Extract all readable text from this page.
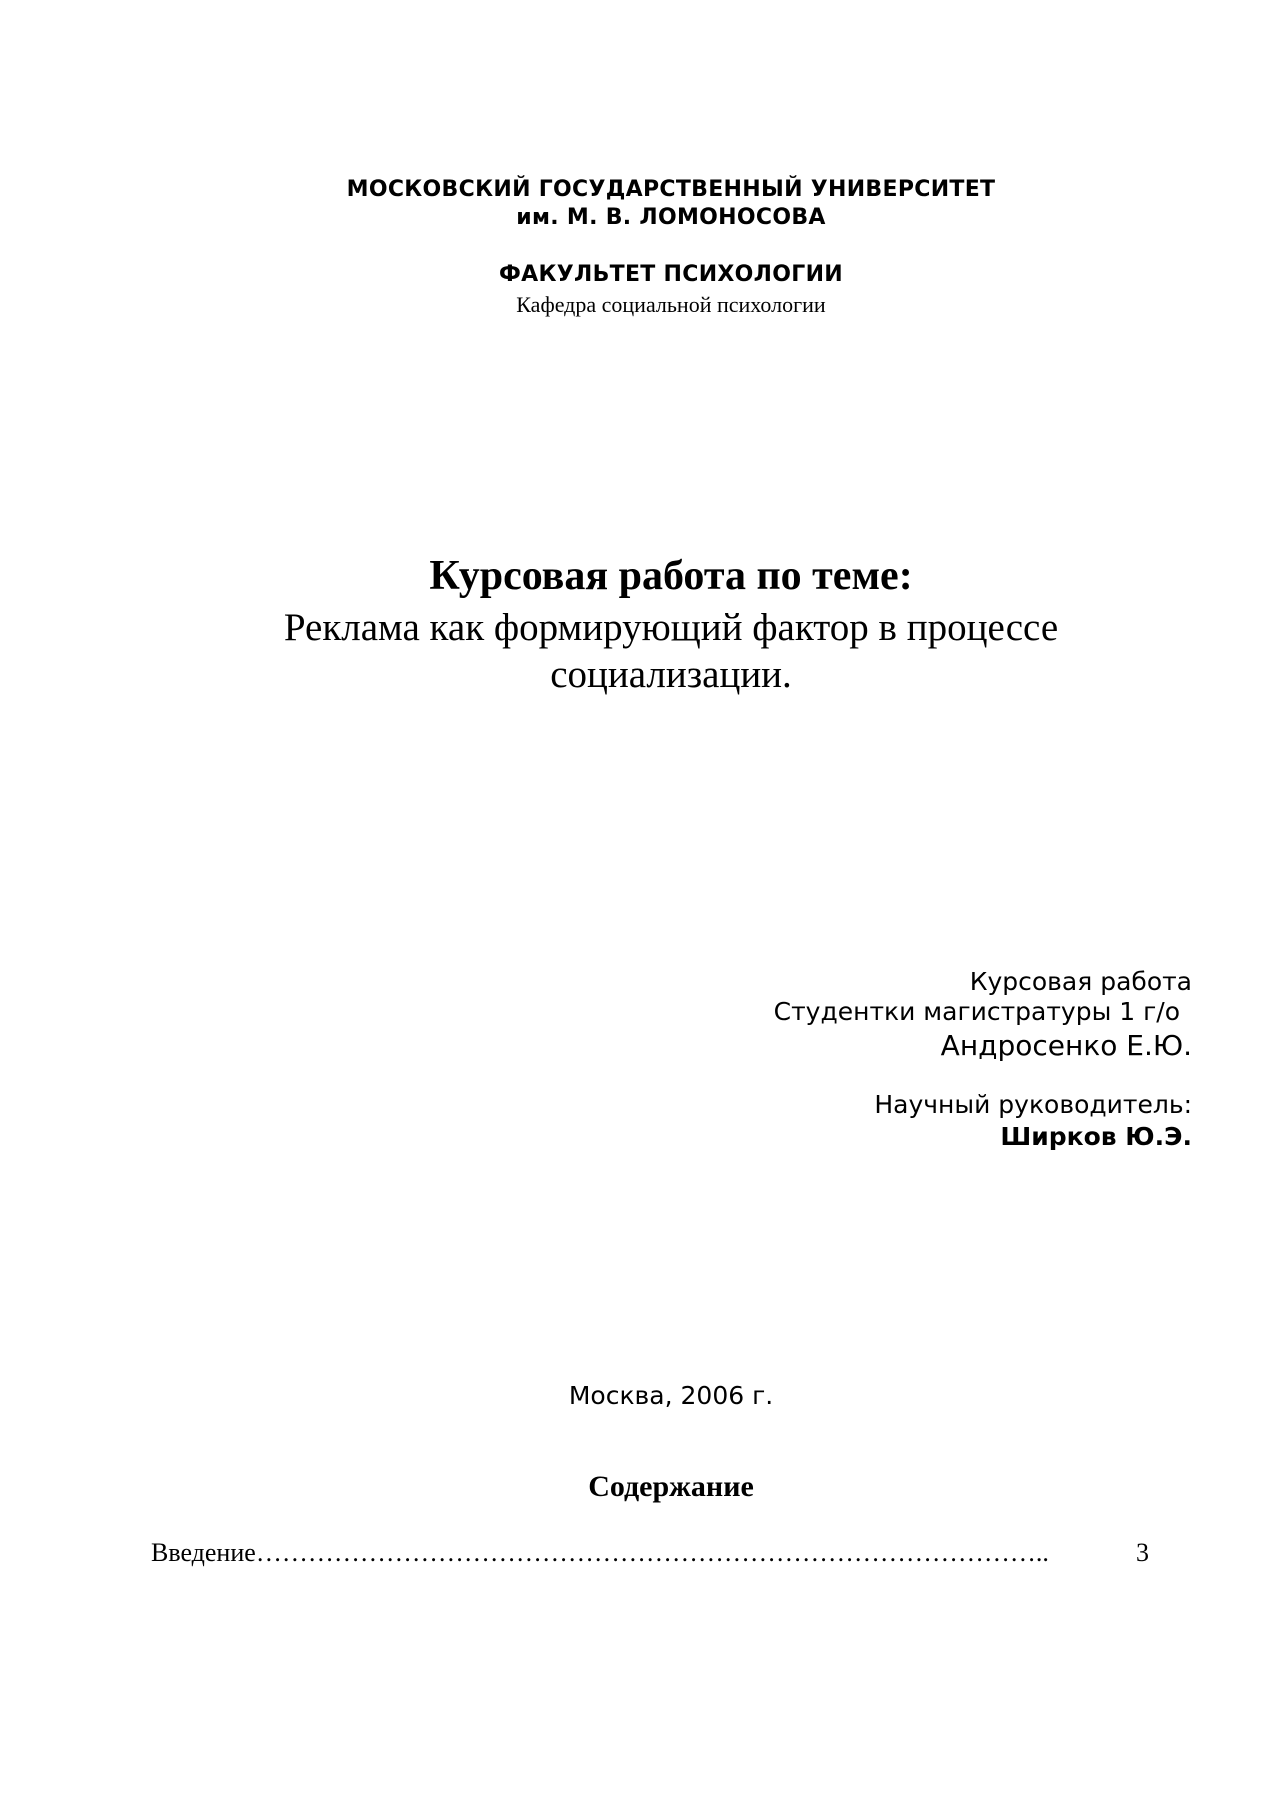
МОСКОВСКИЙ ГОСУДАРСТВЕННЫЙ УНИВЕРСИТЕТ
им. М. В. ЛОМОНОСОВА
ФАКУЛЬТЕТ ПСИХОЛОГИИ
Кафедра социальной психологии
Курсовая работа по теме:
Реклама как формирующий фактор в процессе
социализации.
Курсовая работа
Студентки магистратуры 1 г/о
Андросенко Е.Ю.
Научный руководитель:
Ширков Ю.Э.
Москва, 2006 г.
Содержание
Введение ………………………………………………………………………………..	3
